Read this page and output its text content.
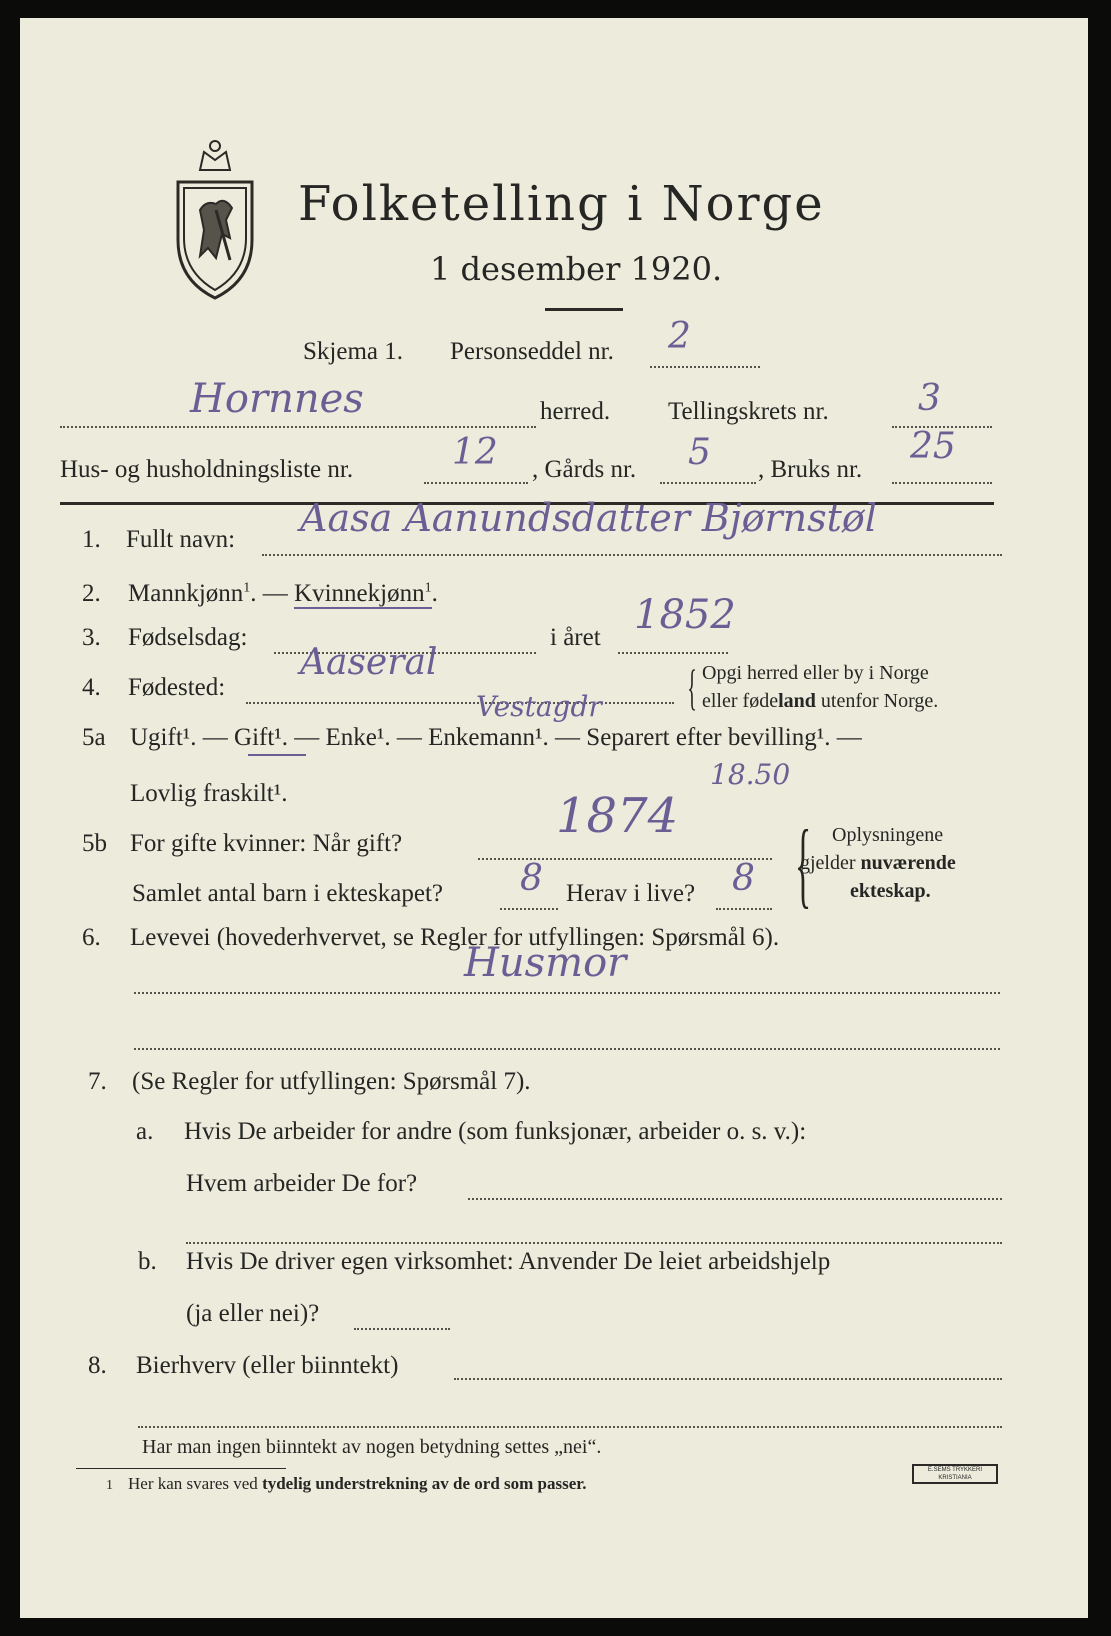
Folketelling i Norge
1 desember 1920.
Skjema 1. Personseddel nr. 2
Hornnes	herred. Tellingskrets nr. 3
Hus- og husholdningsliste nr.	12 , Gårds nr. 5 , Bruks nr.
25
1. Fullt navn: Aasa Aanundsdatter Bjørnstøl
2. Mannkjønn$^1$. — Kvinnekjønn$^1$.
3. Fødselsdag:	i året 1852
4. Fødested:
Aaseral
Vestagdr { Opgi herred eller by i Norge
eller fødeland utenfor Norge.
5a Ugift¹. — Gift¹. — Enke¹. — Enkemann¹. — Separert efter bevilling¹. —
Lovlig fraskilt¹.
18.50
5b For gifte kvinner: Når gift?	1874
Samlet antal barn i ekteskapet? 8 Herav i live? 8 { Oplysningene
gjelder nuværende
ekteskap.
6. Levevei (hovederhvervet, se Regler for utfyllingen: Spørsmål 6).
Husmor
7. (Se Regler for utfyllingen: Spørsmål 7).
a. Hvis De arbeider for andre (som funksjonær, arbeider o. s. v.):
Hvem arbeider De for?
b. Hvis De driver egen virksomhet: Anvender De leiet arbeidshjelp
(ja eller nei)?
8. Bierhverv (eller biinntekt)
Har man ingen biinntekt av nogen betydning settes „nei“.
1 Her kan svares ved tydelig understrekning av de ord som passer.
E.SEMS TRYKKERI KRISTIANIA
